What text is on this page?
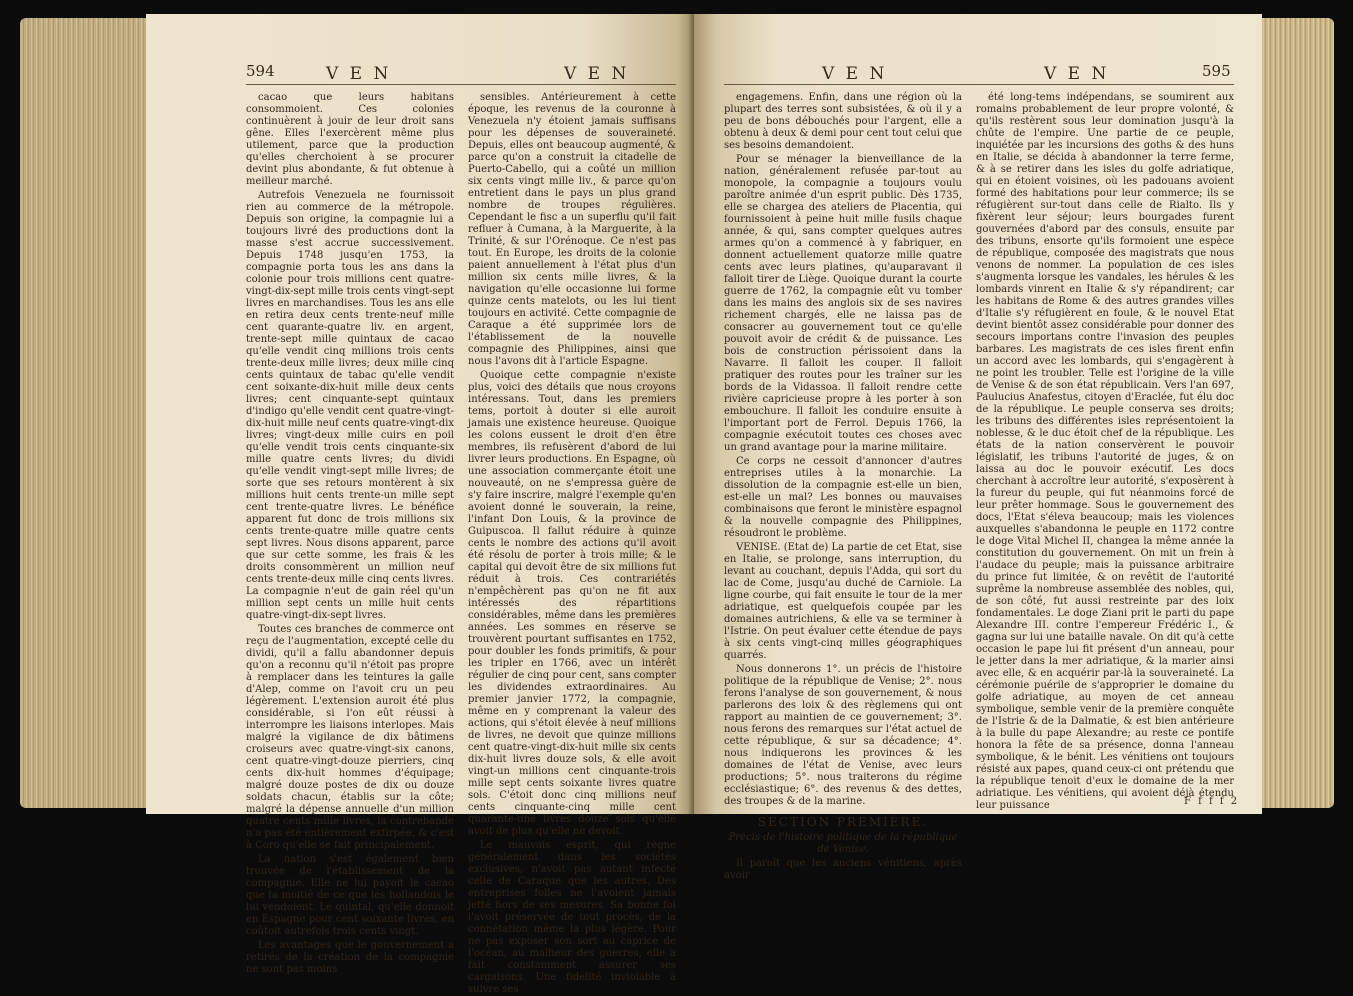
594	V E N	V E N

cacao que leurs habitans consommoient. Ces colonies continuèrent à jouir de leur droit sans gêne. Elles l'exercèrent même plus utilement, parce que la production qu'elles cherchoient à se procurer devint plus abondante, & fut obtenue à meilleur marché.

Autrefois Venezuela ne fournissoit rien au commerce de la métropole. Depuis son origine, la compagnie lui a toujours livré des productions dont la masse s'est accrue successivement. Depuis 1748 jusqu'en 1753, la compagnie porta tous les ans dans la colonie pour trois millions cent quatre-vingt-dix-sept mille trois cents vingt-sept livres en marchandises. Tous les ans elle en retira deux cents trente-neuf mille cent quarante-quatre liv. en argent, trente-sept mille quintaux de cacao qu'elle vendit cinq millions trois cents trente-deux mille livres; deux mille cinq cents quintaux de tabac qu'elle vendit cent soixante-dix-huit mille deux cents livres; cent cinquante-sept quintaux d'indigo qu'elle vendit cent quatre-vingt-dix-huit mille neuf cents quatre-vingt-dix livres; vingt-deux mille cuirs en poil qu'elle vendit trois cents cinquante-six mille quatre cents livres; du dividi qu'elle vendit vingt-sept mille livres; de sorte que ses retours montèrent à six millions huit cents trente-un mille sept cent trente-quatre livres. Le bénéfice apparent fut donc de trois millions six cents trente-quatre mille quatre cents sept livres. Nous disons apparent, parce que sur cette somme, les frais & les droits consommèrent un million neuf cents trente-deux mille cinq cents livres. La compagnie n'eut de gain réel qu'un million sept cents un mille huit cents quatre-vingt-dix-sept livres.

Toutes ces branches de commerce ont reçu de l'augmentation, excepté celle du dividi, qu'il a fallu abandonner depuis qu'on a reconnu qu'il n'étoit pas propre à remplacer dans les teintures la galle d'Alep, comme on l'avoit cru un peu légèrement. L'extension auroit été plus considérable, si l'on eût réussi à interrompre les liaisons interlopes. Mais malgré la vigilance de dix bâtimens croiseurs avec quatre-vingt-six canons, cent quatre-vingt-douze pierriers, cinq cents dix-huit hommes d'équipage; malgré douze postes de dix ou douze soldats chacun, établis sur la côte; malgré la dépense annuelle d'un million quatre cents mille livres, la contrebande n'a pas été entièrement extirpée, & c'est à Coro qu'elle se fait principalement.

La nation s'est également bien trouvée de l'établissement de la compagnie. Elle ne lui payoit le cacao que la moitié de ce que les hollandois le lui vendoient. Le quintal, qu'elle donnoit en Espagne pour cent soixante livres, en coûtoit autrefois trois cents vingt.

Les avantages que le gouvernement a retirés de la création de la compagnie ne sont pas moins

sensibles. Antérieurement à cette époque, les revenus de la couronne à Venezuela n'y étoient jamais suffisans pour les dépenses de souveraineté. Depuis, elles ont beaucoup augmenté, & parce qu'on a construit la citadelle de Puerto-Cabello, qui a coûté un million six cents vingt mille liv., & parce qu'on entretient dans le pays un plus grand nombre de troupes régulières. Cependant le fisc a un superflu qu'il fait refluer à Cumana, à la Marguerite, à la Trinité, & sur l'Orénoque. Ce n'est pas tout. En Europe, les droits de la colonie paient annuellement à l'état plus d'un million six cents mille livres, & la navigation qu'elle occasionne lui forme quinze cents matelots, ou les lui tient toujours en activité. Cette compagnie de Caraque a été supprimée lors de l'établissement de la nouvelle compagnie des Philippines, ainsi que nous l'avons dit à l'article Espagne.

Quoique cette compagnie n'existe plus, voici des détails que nous croyons intéressans. Tout, dans les premiers tems, portoit à douter si elle auroit jamais une existence heureuse. Quoique les colons eussent le droit d'en être membres, ils refusèrent d'abord de lui livrer leurs productions. En Espagne, où une association commerçante étoit une nouveauté, on ne s'empressa guère de s'y faire inscrire, malgré l'exemple qu'en avoient donné le souverain, la reine, l'infant Don Louis, & la province de Guipuscoa. Il fallut réduire à quinze cents le nombre des actions qu'il avoit été résolu de porter à trois mille; & le capital qui devoit être de six millions fut réduit à trois. Ces contrariétés n'empêchèrent pas qu'on ne fit aux intéressés des répartitions considérables, même dans les premières années. Les sommes en réserve se trouvèrent pourtant suffisantes en 1752, pour doubler les fonds primitifs, & pour les tripler en 1766, avec un intérêt régulier de cinq pour cent, sans compter les dividendes extraordinaires. Au premier janvier 1772, la compagnie, même en y comprenant la valeur des actions, qui s'étoit élevée à neuf millions de livres, ne devoit que quinze millions cent quatre-vingt-dix-huit mille six cents dix-huit livres douze sols, & elle avoit vingt-un millions cent cinquante-trois mille sept cents soixante livres quatre sols. C'étoit donc cinq millions neuf cents cinquante-cinq mille cent quarante-une livres douze sols qu'elle avoit de plus qu'elle ne devoit.

Le mauvais esprit, qui règne généralement dans les sociétés exclusives, n'avoit pas autant infecté celle de Caraque que les autres. Des entreprises folles ne l'avoient jamais jetté hors de ses mesures. Sa bonne foi l'avoit préservée de tout procès, de la connétation même la plus légère. Pour ne pas exposer son sort au caprice de l'océan, au malheur des guerres, elle a fait constamment assurer ses cargaisons. Une fidélité inviolable à suivre ses

V E N	V E N	595

engagemens. Enfin, dans une région où la plupart des terres sont subsistées, & où il y a peu de bons débouchés pour l'argent, elle a obtenu à deux & demi pour cent tout celui que ses besoins demandoient.

Pour se ménager la bienveillance de la nation, généralement refusée par-tout au monopole, la compagnie a toujours voulu paroître animée d'un esprit public. Dès 1735, elle se chargea des ateliers de Placentia, qui fournissoient à peine huit mille fusils chaque année, & qui, sans compter quelques autres armes qu'on a commencé à y fabriquer, en donnent actuellement quatorze mille quatre cents avec leurs platines, qu'auparavant il falloit tirer de Liège. Quoique durant la courte guerre de 1762, la compagnie eût vu tomber dans les mains des anglois six de ses navires richement chargés, elle ne laissa pas de consacrer au gouvernement tout ce qu'elle pouvoit avoir de crédit & de puissance. Les bois de construction périssoient dans la Navarre. Il falloit les couper. Il falloit pratiquer des routes pour les traîner sur les bords de la Vidassoa. Il falloit rendre cette rivière capricieuse propre à les porter à son embouchure. Il falloit les conduire ensuite à l'important port de Ferrol. Depuis 1766, la compagnie exécutoit toutes ces choses avec un grand avantage pour la marine militaire.

Ce corps ne cessoit d'annoncer d'autres entreprises utiles à la monarchie. La dissolution de la compagnie est-elle un bien, est-elle un mal? Les bonnes ou mauvaises combinaisons que feront le ministère espagnol & la nouvelle compagnie des Philippines, résoudront le problème.

VENISE. (Etat de) La partie de cet Etat, sise en Italie, se prolonge, sans interruption, du levant au couchant, depuis l'Adda, qui sort du lac de Come, jusqu'au duché de Carniole. La ligne courbe, qui fait ensuite le tour de la mer adriatique, est quelquefois coupée par les domaines autrichiens, & elle va se terminer à l'Istrie. On peut évaluer cette étendue de pays à six cents vingt-cinq milles géographiques quarrés.

Nous donnerons 1°. un précis de l'histoire politique de la république de Venise; 2°. nous ferons l'analyse de son gouvernement, & nous parlerons des loix & des règlemens qui ont rapport au maintien de ce gouvernement; 3°. nous ferons des remarques sur l'état actuel de cette république, & sur sa décadence; 4°. nous indiquerons les provinces & les domaines de l'état de Venise, avec leurs productions; 5°. nous traiterons du régime ecclésiastique; 6°. des revenus & des dettes, des troupes & de la marine.

SECTION PREMIÈRE.

Précis de l'histoire politique de la république de Venise.

Il paroît que les anciens vénitiens, après avoir

été long-tems indépendans, se soumirent aux romains probablement de leur propre volonté, & qu'ils restèrent sous leur domination jusqu'à la chûte de l'empire. Une partie de ce peuple, inquiétée par les incursions des goths & des huns en Italie, se décida à abandonner la terre ferme, & à se retirer dans les isles du golfe adriatique, qui en étoient voisines, où les padouans avoient formé des habitations pour leur commerce; ils se réfugièrent sur-tout dans celle de Rialto. Ils y fixèrent leur séjour; leurs bourgades furent gouvernées d'abord par des consuls, ensuite par des tribuns, ensorte qu'ils formoient une espèce de république, composée des magistrats que nous venons de nommer. La population de ces isles s'augmenta lorsque les vandales, les hérules & les lombards vinrent en Italie & s'y répandirent; car les habitans de Rome & des autres grandes villes d'Italie s'y réfugièrent en foule, & le nouvel Etat devint bientôt assez considérable pour donner des secours importans contre l'invasion des peuples barbares. Les magistrats de ces isles firent enfin un accord avec les lombards, qui s'engagèrent à ne point les troubler. Telle est l'origine de la ville de Venise & de son état républicain. Vers l'an 697, Paulucius Anafestus, citoyen d'Eraclée, fut élu doc de la république. Le peuple conserva ses droits; les tribuns des différentes isles représentoient la noblesse, & le duc étoit chef de la république. Les états de la nation conservèrent le pouvoir législatif, les tribuns l'autorité de juges, & on laissa au doc le pouvoir exécutif. Les docs cherchant à accroître leur autorité, s'exposèrent à la fureur du peuple, qui fut néanmoins forcé de leur prêter hommage. Sous le gouvernement des docs, l'Etat s'éleva beaucoup; mais les violences auxquelles s'abandonna le peuple en 1172 contre le doge Vital Michel II, changea la même année la constitution du gouvernement. On mit un frein à l'audace du peuple; mais la puissance arbitraire du prince fut limitée, & on revêtit de l'autorité suprême la nombreuse assemblée des nobles, qui, de son côté, fut aussi restreinte par des loix fondamentales. Le doge Ziani prit le parti du pape Alexandre III. contre l'empereur Frédéric I., & gagna sur lui une bataille navale. On dit qu'à cette occasion le pape lui fit présent d'un anneau, pour le jetter dans la mer adriatique, & la marier ainsi avec elle, & en acquérir par-là la souveraineté. La cérémonie puérile de s'approprier le domaine du golfe adriatique, au moyen de cet anneau symbolique, semble venir de la première conquête de l'Istrie & de la Dalmatie, & est bien antérieure à la bulle du pape Alexandre; au reste ce pontife honora la fête de sa présence, donna l'anneau symbolique, & le bénit. Les vénitiens ont toujours résisté aux papes, quand ceux-ci ont prétendu que la république tenoit d'eux le domaine de la mer adriatique. Les vénitiens, qui avoient déjà étendu leur puissance	F f f f 2
